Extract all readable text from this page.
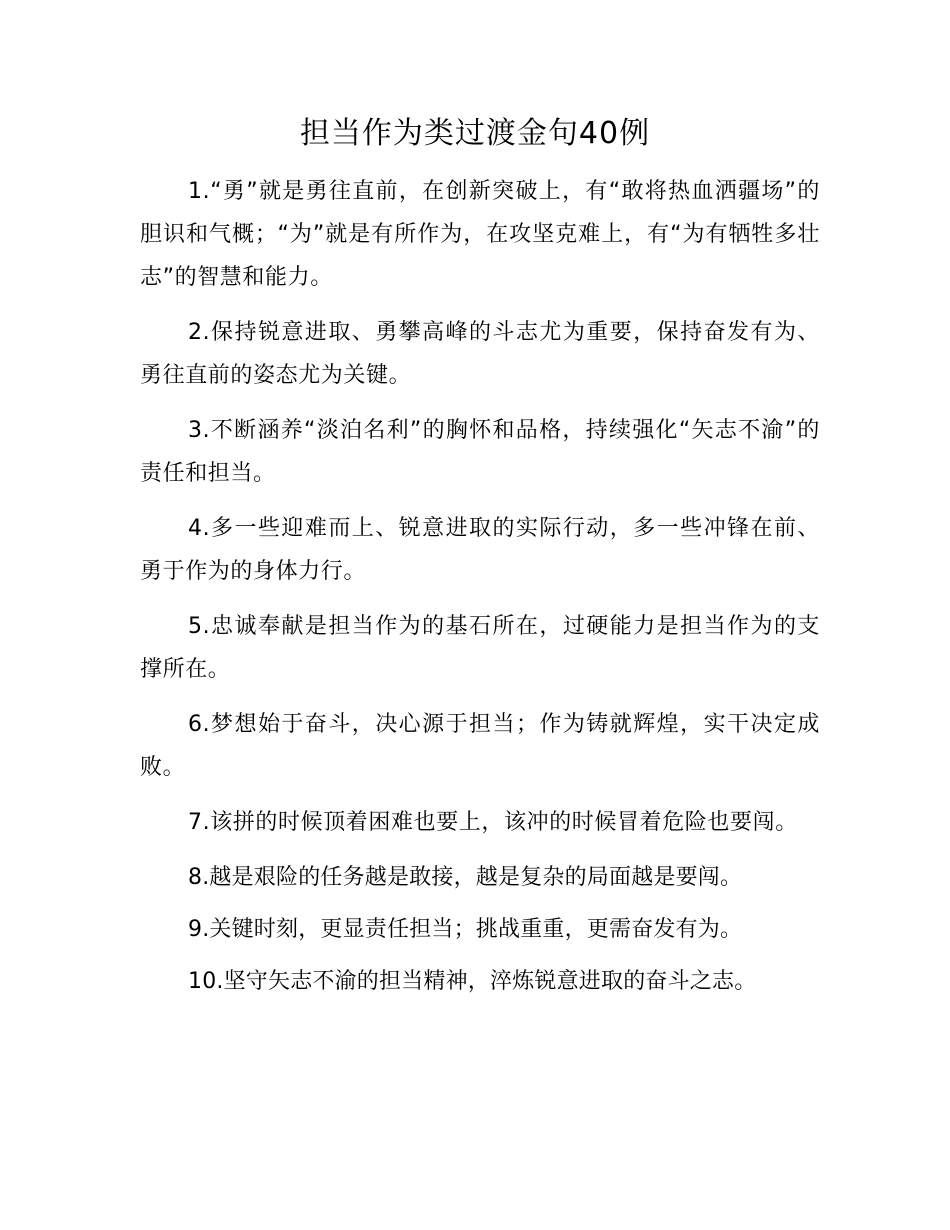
担当作为类过渡金句40例

1.“勇”就是勇往直前，在创新突破上，有“敢将热血洒疆场”的胆识和气概；“为”就是有所作为，在攻坚克难上，有“为有牺牲多壮志”的智慧和能力。

2.保持锐意进取、勇攀高峰的斗志尤为重要，保持奋发有为、勇往直前的姿态尤为关键。

3.不断涵养“淡泊名利”的胸怀和品格，持续强化“矢志不渝”的责任和担当。

4.多一些迎难而上、锐意进取的实际行动，多一些冲锋在前、勇于作为的身体力行。

5.忠诚奉献是担当作为的基石所在，过硬能力是担当作为的支撑所在。

6.梦想始于奋斗，决心源于担当；作为铸就辉煌，实干决定成败。

7.该拼的时候顶着困难也要上，该冲的时候冒着危险也要闯。

8.越是艰险的任务越是敢接，越是复杂的局面越是要闯。

9.关键时刻，更显责任担当；挑战重重，更需奋发有为。

10.坚守矢志不渝的担当精神，淬炼锐意进取的奋斗之志。
